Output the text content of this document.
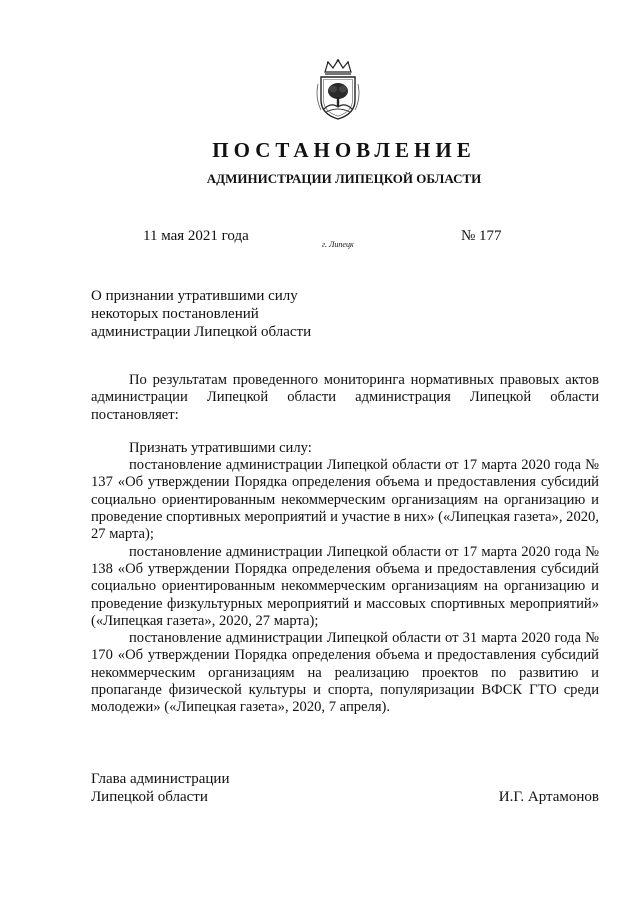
ПОСТАНОВЛЕНИЕ
АДМИНИСТРАЦИИ ЛИПЕЦКОЙ ОБЛАСТИ
11 мая 2021 года
г. Липецк
№ 177
О признании утратившими силу
некоторых постановлений
администрации Липецкой области

По результатам проведенного мониторинга нормативных правовых актов администрации Липецкой области администрация Липецкой области постановляет:

Признать утратившими силу:

постановление администрации Липецкой области от 17 марта 2020 года № 137 «Об утверждении Порядка определения объема и предоставления субсидий социально ориентированным некоммерческим организациям на организацию и проведение спортивных мероприятий и участие в них» («Липецкая газета», 2020, 27 марта);

постановление администрации Липецкой области от 17 марта 2020 года № 138 «Об утверждении Порядка определения объема и предоставления субсидий социально ориентированным некоммерческим организациям на организацию и проведение физкультурных мероприятий и массовых спортивных мероприятий» («Липецкая газета», 2020, 27 марта);

постановление администрации Липецкой области от 31 марта 2020 года № 170 «Об утверждении Порядка определения объема и предоставления субсидий некоммерческим организациям на реализацию проектов по развитию и пропаганде физической культуры и спорта, популяризации ВФСК ГТО среди молодежи» («Липецкая газета», 2020, 7 апреля).

Глава администрации
Липецкой области	И.Г. Артамонов
